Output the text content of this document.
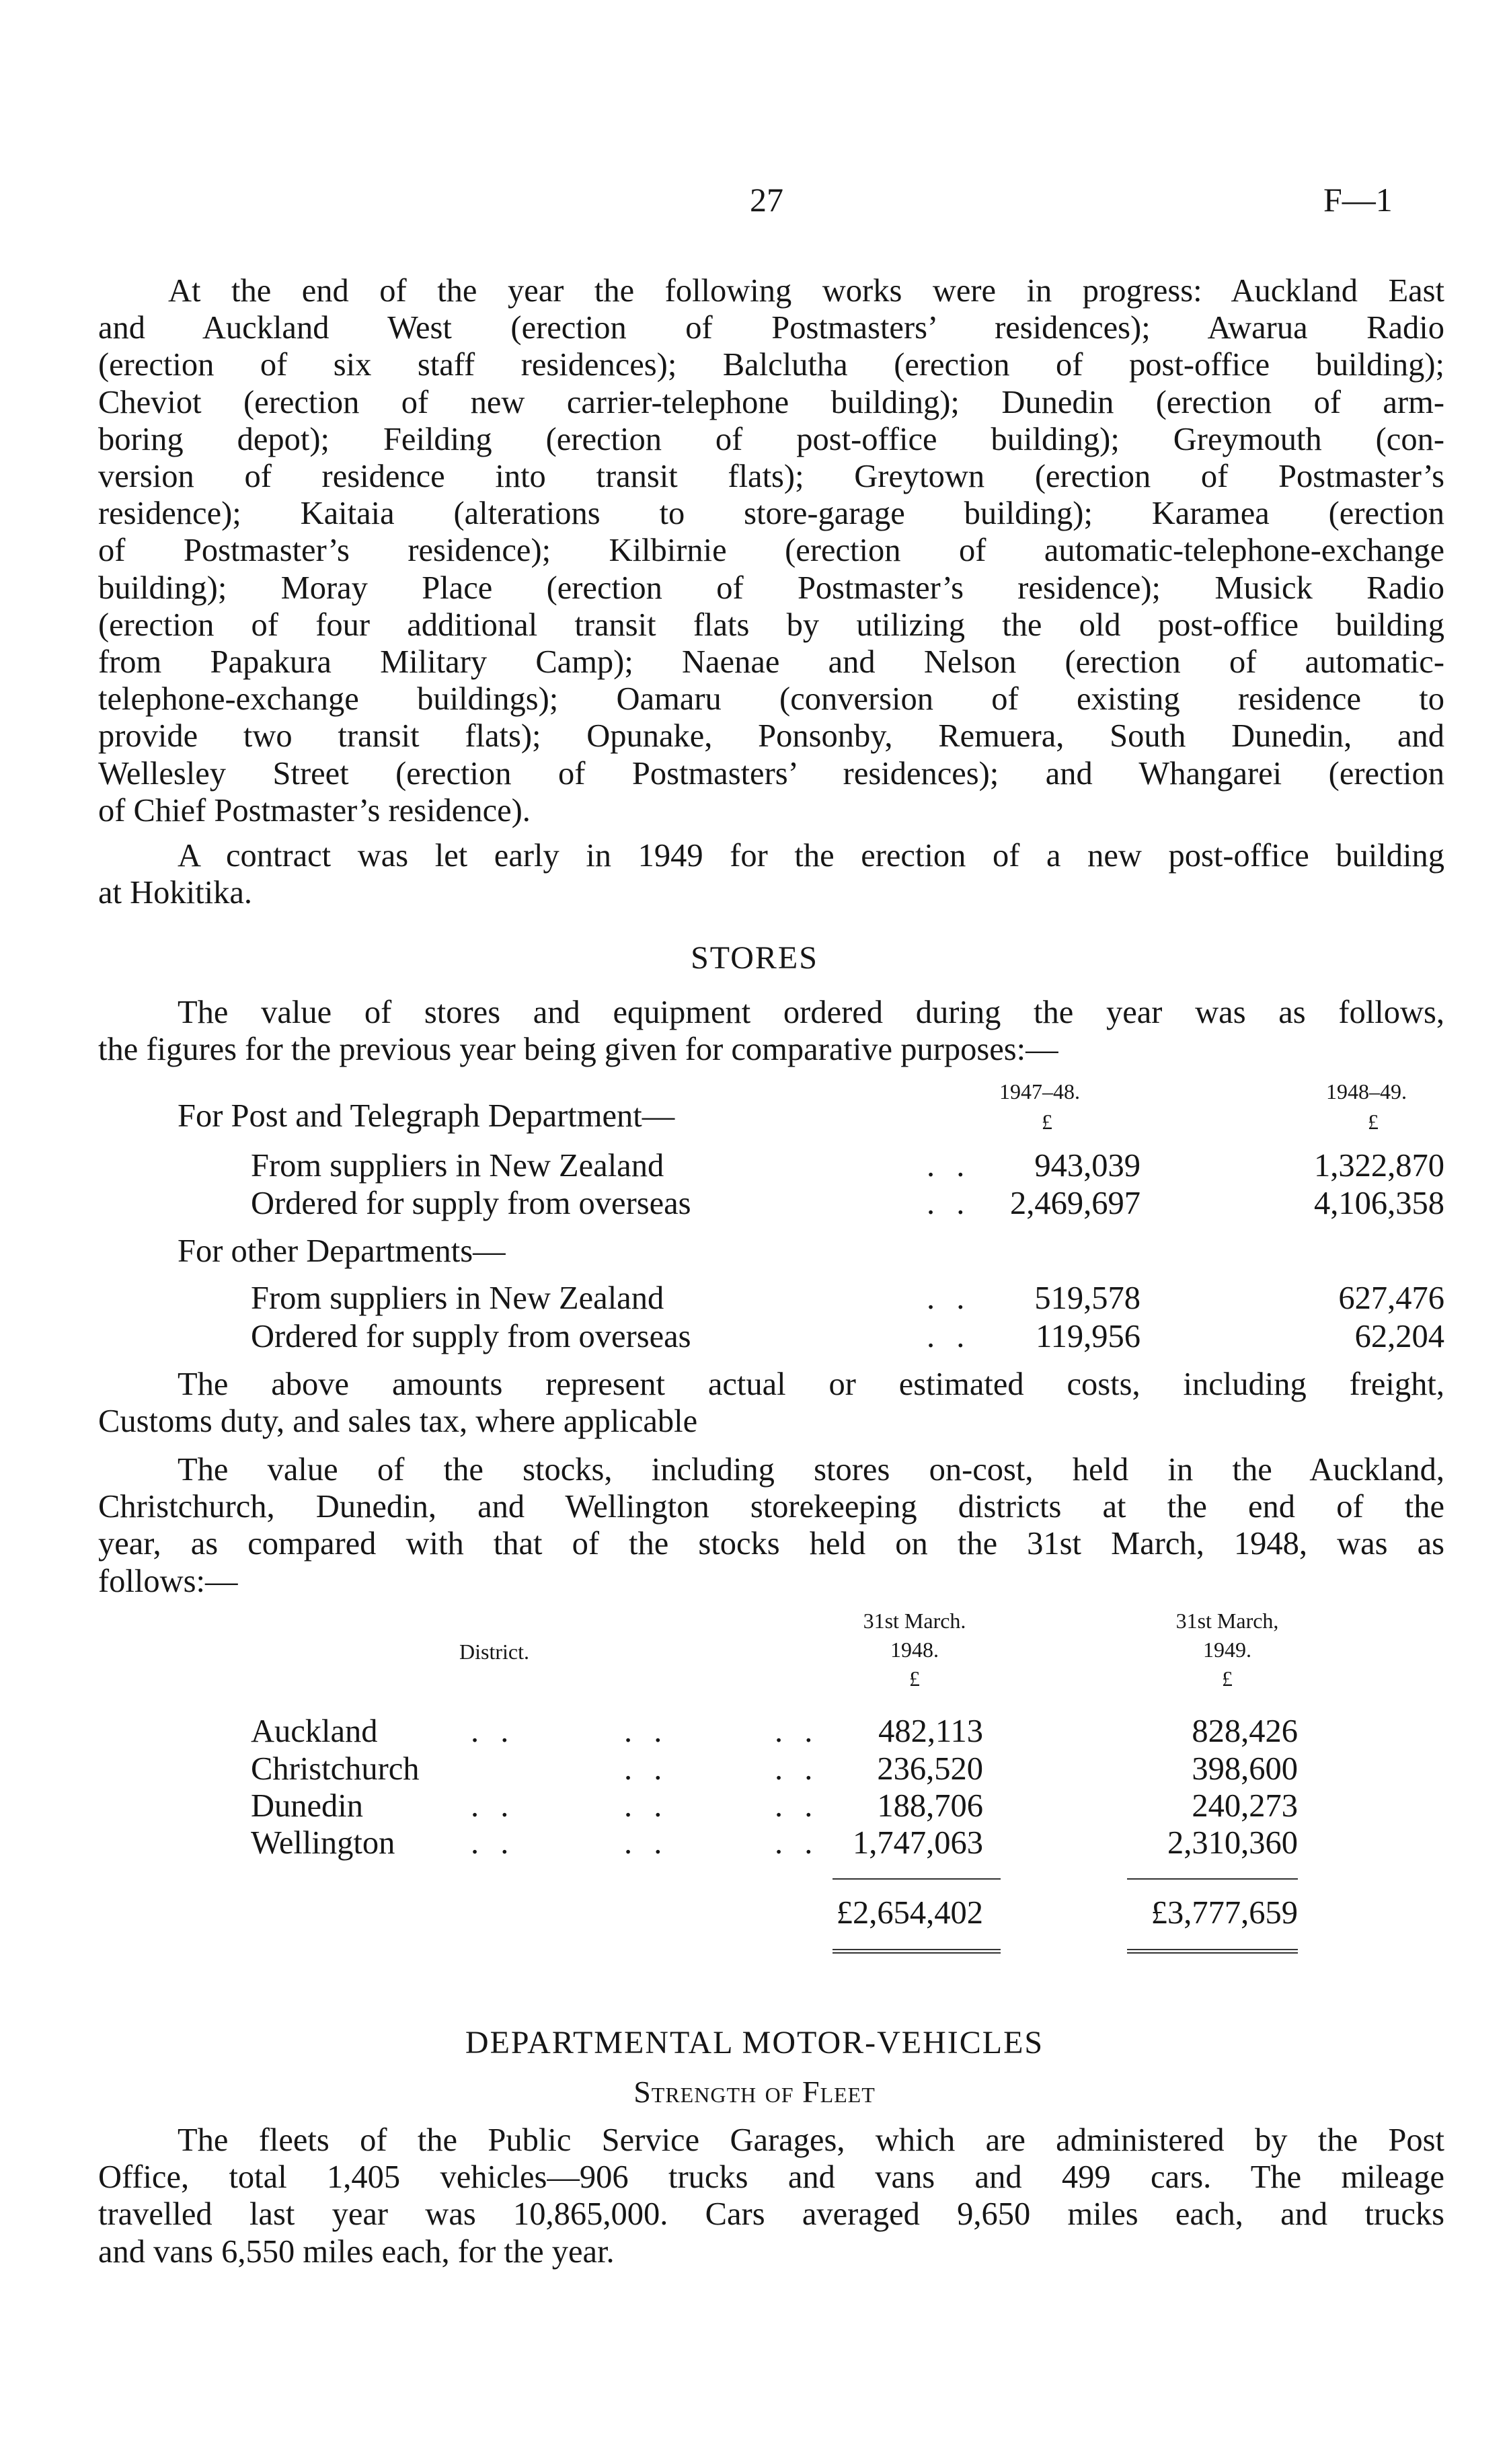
27	F—1
At the end of the year the following works were in progress: Auckland East
and Auckland West (erection of Postmasters’ residences); Awarua Radio
(erection of six staff residences); Balclutha (erection of post-office building);
Cheviot (erection of new carrier-telephone building); Dunedin (erection of arm-
boring depot); Feilding (erection of post-office building); Greymouth (con-
version of residence into transit flats); Greytown (erection of Postmaster’s
residence); Kaitaia (alterations to store-garage building); Karamea (erection
of Postmaster’s residence); Kilbirnie (erection of automatic-telephone-exchange
building); Moray Place (erection of Postmaster’s residence); Musick Radio
(erection of four additional transit flats by utilizing the old post-office building
from Papakura Military Camp); Naenae and Nelson (erection of automatic-
telephone-exchange buildings); Oamaru (conversion of existing residence to
provide two transit flats); Opunake, Ponsonby, Remuera, South Dunedin, and
Wellesley Street (erection of Postmasters’ residences); and Whangarei (erection
of Chief Postmaster’s residence).
A contract was let early in 1949 for the erection of a new post-office building
at Hokitika.
STORES
The value of stores and equipment ordered during the year was as follows,
the figures for the previous year being given for comparative purposes:—
1947–48.	1948–49.
For Post and Telegraph Department—	£	£
From suppliers in New Zealand	. . 943,039	1,322,870
Ordered for supply from overseas	. . 2,469,697	4,106,358
For other Departments—
From suppliers in New Zealand	. . 519,578	627,476
Ordered for supply from overseas	. . 119,956	62,204
The above amounts represent actual or estimated costs, including freight,
Customs duty, and sales tax, where applicable
The value of the stocks, including stores on-cost, held in the Auckland,
Christchurch, Dunedin, and Wellington storekeeping districts at the end of the
year, as compared with that of the stocks held on the 31st March, 1948, was as
follows:—
District.
31st March.
1948.
£
31st March,
1949.
£
Auckland	. .	. .	. . 482,113	828,426
Christchurch	. .	. . 236,520	398,600
Dunedin	. .	. .	. . 188,706	240,273
Wellington . .	. .	. . 1,747,063	2,310,360
£2,654,402	£3,777,659
DEPARTMENTAL MOTOR-VEHICLES
Strength of Fleet
The fleets of the Public Service Garages, which are administered by the Post
Office, total 1,405 vehicles—906 trucks and vans and 499 cars. The mileage
travelled last year was 10,865,000. Cars averaged 9,650 miles each, and trucks
and vans 6,550 miles each, for the year.
